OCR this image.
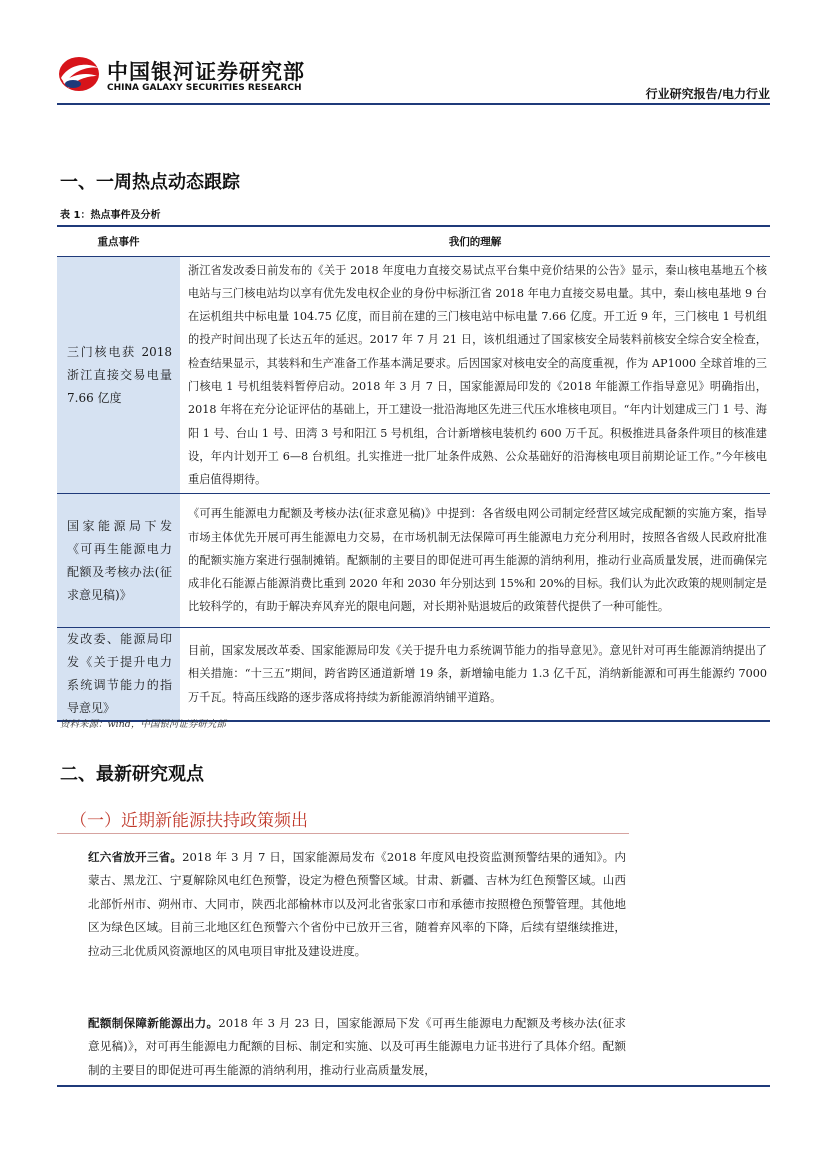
中国银河证券研究部
CHINA GALAXY SECURITIES RESEARCH	行业研究报告/电力行业
一、一周热点动态跟踪
表 1：热点事件及分析
重点事件	我们的理解
三门核电获 2018 浙江直接交易电量 7.66 亿度	浙江省发改委日前发布的《关于 2018 年度电力直接交易试点平台集中竞价结果的公告》显示，秦山核电基地五个核电站与三门核电站均以享有优先发电权企业的身份中标浙江省 2018 年电力直接交易电量。其中，秦山核电基地 9 台在运机组共中标电量 104.75 亿度，而目前在建的三门核电站中标电量 7.66 亿度。开工近 9 年，三门核电 1 号机组的投产时间出现了长达五年的延迟。2017 年 7 月 21 日，该机组通过了国家核安全局装料前核安全综合安全检查，检查结果显示，其装料和生产准备工作基本满足要求。后因国家对核电安全的高度重视，作为 AP1000 全球首堆的三门核电 1 号机组装料暂停启动。2018 年 3 月 7 日，国家能源局印发的《2018 年能源工作指导意见》明确指出，2018 年将在充分论证评估的基础上，开工建设一批沿海地区先进三代压水堆核电项目。“年内计划建成三门 1 号、海阳 1 号、台山 1 号、田湾 3 号和阳江 5 号机组，合计新增核电装机约 600 万千瓦。积极推进具备条件项目的核准建设，年内计划开工 6—8 台机组。扎实推进一批厂址条件成熟、公众基础好的沿海核电项目前期论证工作。”今年核电重启值得期待。
国家能源局下发《可再生能源电力配额及考核办法(征求意见稿)》	《可再生能源电力配额及考核办法(征求意见稿)》中提到：各省级电网公司制定经营区域完成配额的实施方案，指导市场主体优先开展可再生能源电力交易，在市场机制无法保障可再生能源电力充分利用时，按照各省级人民政府批准的配额实施方案进行强制摊销。配额制的主要目的即促进可再生能源的消纳利用，推动行业高质量发展，进而确保完成非化石能源占能源消费比重到 2020 年和 2030 年分别达到 15%和 20%的目标。我们认为此次政策的规则制定是比较科学的，有助于解决弃风弃光的限电问题，对长期补贴退坡后的政策替代提供了一种可能性。
发改委、能源局印发《关于提升电力系统调节能力的指导意见》	目前，国家发展改革委、国家能源局印发《关于提升电力系统调节能力的指导意见》。意见针对可再生能源消纳提出了相关措施：“十三五”期间，跨省跨区通道新增 19 条，新增输电能力 1.3 亿千瓦，消纳新能源和可再生能源约 7000 万千瓦。特高压线路的逐步落成将持续为新能源消纳铺平道路。
资料来源：wind，中国银河证券研究部
二、最新研究观点
（一）近期新能源扶持政策频出
红六省放开三省。2018 年 3 月 7 日，国家能源局发布《2018 年度风电投资监测预警结果的通知》。内蒙古、黑龙江、宁夏解除风电红色预警，设定为橙色预警区域。甘肃、新疆、吉林为红色预警区域。山西北部忻州市、朔州市、大同市，陕西北部榆林市以及河北省张家口市和承德市按照橙色预警管理。其他地区为绿色区域。目前三北地区红色预警六个省份中已放开三省，随着弃风率的下降，后续有望继续推进，拉动三北优质风资源地区的风电项目审批及建设进度。
配额制保障新能源出力。2018 年 3 月 23 日，国家能源局下发《可再生能源电力配额及考核办法(征求意见稿)》，对可再生能源电力配额的目标、制定和实施、以及可再生能源电力证书进行了具体介绍。配额制的主要目的即促进可再生能源的消纳利用，推动行业高质量发展，
